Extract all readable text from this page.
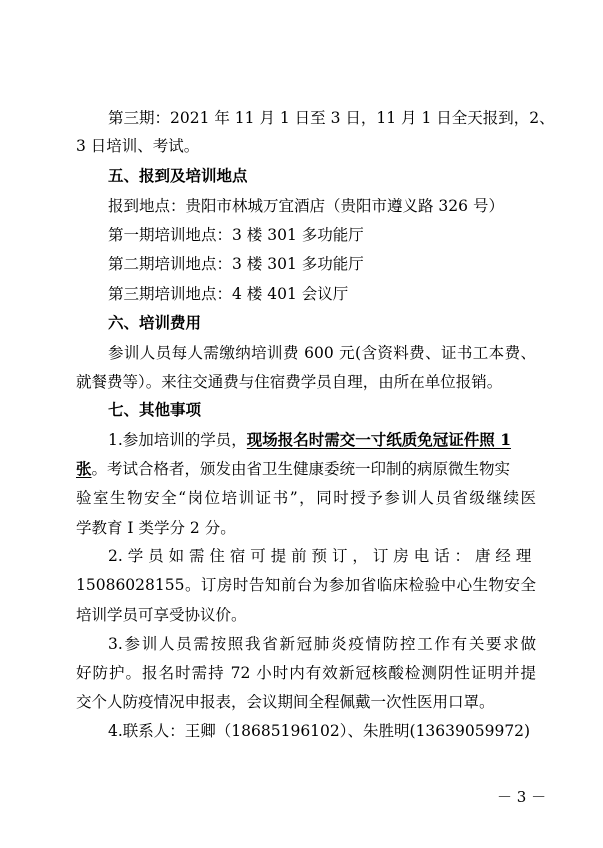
第三期：2021 年 11 月 1 日至 3 日，11 月 1 日全天报到，2、
3 日培训、考试。
五、报到及培训地点
报到地点：贵阳市林城万宜酒店（贵阳市遵义路 326 号）
第一期培训地点：3 楼 301 多功能厅
第二期培训地点：3 楼 301 多功能厅
第三期培训地点：4 楼 401 会议厅
六、培训费用
参训人员每人需缴纳培训费 600 元(含资料费、证书工本费、
就餐费等）。来往交通费与住宿费学员自理，由所在单位报销。
七、其他事项
1.参加培训的学员，现场报名时需交一寸纸质免冠证件照 1
张。考试合格者，颁发由省卫生健康委统一印制的病原微生物实
验室生物安全“岗位培训证书”，同时授予参训人员省级继续医
学教育 I 类学分 2 分。
2. 学 员 如 需 住 宿 可 提 前 预 订 ， 订 房 电 话 ： 唐 经 理
15086028155。订房时告知前台为参加省临床检验中心生物安全
培训学员可享受协议价。
3.参训人员需按照我省新冠肺炎疫情防控工作有关要求做
好防护。报名时需持 72 小时内有效新冠核酸检测阴性证明并提
交个人防疫情况申报表，会议期间全程佩戴一次性医用口罩。
4.联系人：王卿（18685196102）、朱胜明(13639059972)
－ 3 －
